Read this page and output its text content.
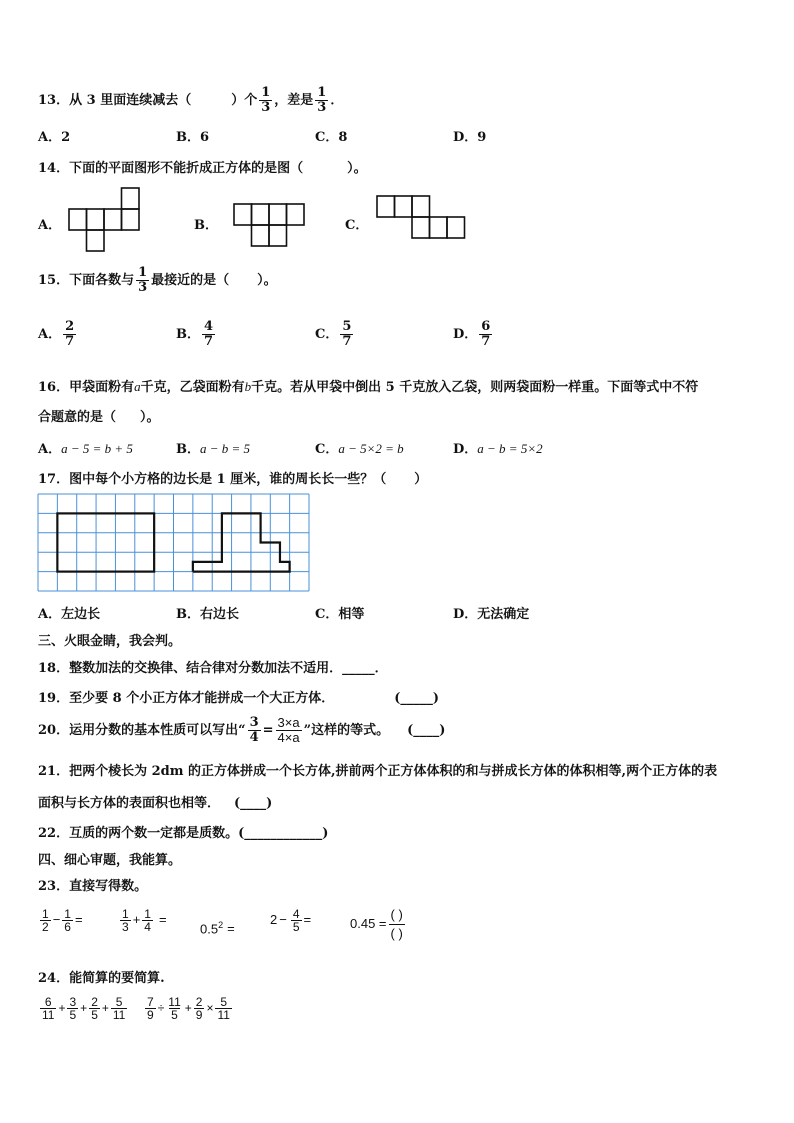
13．从 3 里面连续减去（	）个 $\frac{1}{3}$ ，差是 $\frac{1}{3}$ ．
A．2	B．6	C．8	D．9
14．下面的平面图形不能折成正方体的是图（	）。
A．	B．	C．
15．下面各数与 $\frac{1}{3}$ 最接近的是（ ）。
A． $\frac{2}{7}$	B． $\frac{4}{7}$	C． $\frac{5}{7}$	D． $\frac{6}{7}$
16．甲袋面粉有a千克，乙袋面粉有b千克。若从甲袋中倒出 5 千克放入乙袋，则两袋面粉一样重。下面等式中不符
合题意的是（ ）。
A．a − 5 = b + 5	B．a − b = 5	C．a − 5×2 = b	D．a − b = 5×2
17．图中每个小方格的边长是 1 厘米，谁的周长长一些？（ ）
A．左边长	B．右边长	C．相等	D．无法确定
三、火眼金睛，我会判。
18．整数加法的交换律、结合律对分数加法不适用．_____．
19．至少要 8 个小正方体才能拼成一个大正方体．	(_____)
20．运用分数的基本性质可以写出“ $\frac{3}{4} = \frac{3\times a}{4\times a}$ ”这样的等式。 (____)
21．把两个棱长为 2dm 的正方体拼成一个长方体,拼前两个正方体体积的和与拼成长方体的体积相等,两个正方体的表
面积与长方体的表面积也相等． (____)
22．互质的两个数一定都是质数。(____________)
四、细心审题，我能算。
23．直接写得数。
$\frac{1}{2} - \frac{1}{6}$ =	$\frac{1}{3} + \frac{1}{4}$ =
$0.5^2$ =
$2 - \frac{4}{5}$ =	$0.45 = \frac{( )}{( )}$
24．能简算的要简算.
$\frac{6}{11} + \frac{3}{5} + \frac{2}{5} + \frac{5}{11} \frac{7}{9} \div \frac{11}{5} + \frac{2}{9} \times \frac{5}{11}$
